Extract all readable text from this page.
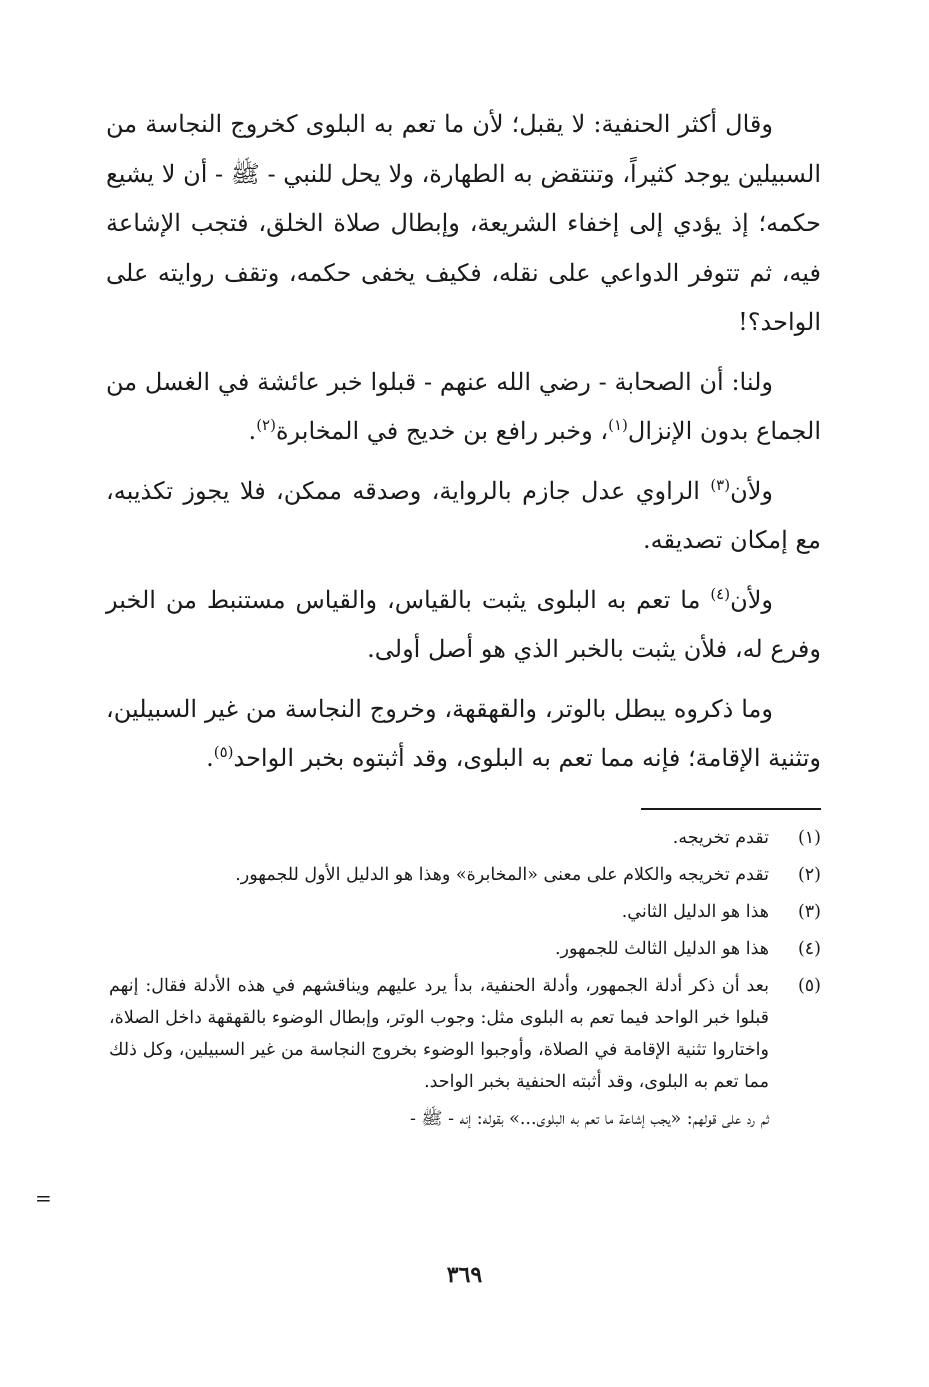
وقال أكثر الحنفية: لا يقبل؛ لأن ما تعم به البلوى كخروج النجاسة من السبيلين يوجد كثيراً، وتنتقض به الطهارة، ولا يحل للنبي - ﷺ - أن لا يشيع حكمه؛ إذ يؤدي إلى إخفاء الشريعة، وإبطال صلاة الخلق، فتجب الإشاعة فيه، ثم تتوفر الدواعي على نقله، فكيف يخفى حكمه، وتقف روايته على الواحد؟!

ولنا: أن الصحابة - رضي الله عنهم - قبلوا خبر عائشة في الغسل من الجماع بدون الإنزال$^{(١)}$، وخبر رافع بن خديج في المخابرة$^{(٢)}$.

ولأن$^{(٣)}$ الراوي عدل جازم بالرواية، وصدقه ممكن، فلا يجوز تكذيبه، مع إمكان تصديقه.

ولأن$^{(٤)}$ ما تعم به البلوى يثبت بالقياس، والقياس مستنبط من الخبر وفرع له، فلأن يثبت بالخبر الذي هو أصل أولى.

وما ذكروه يبطل بالوتر، والقهقهة، وخروج النجاسة من غير السبيلين، وتثنية الإقامة؛ فإنه مما تعم به البلوى، وقد أثبتوه بخبر الواحد$^{(٥)}$.

(١)
تقدم تخريجه.

(٢)
تقدم تخريجه والكلام على معنى «المخابرة» وهذا هو الدليل الأول للجمهور.

(٣)
هذا هو الدليل الثاني.

(٤)
هذا هو الدليل الثالث للجمهور.

(٥)
بعد أن ذكر أدلة الجمهور، وأدلة الحنفية، بدأ يرد عليهم ويناقشهم في هذه الأدلة فقال: إنهم قبلوا خبر الواحد فيما تعم به البلوى مثل: وجوب الوتر، وإبطال الوضوء بالقهقهة داخل الصلاة، واختاروا تثنية الإقامة في الصلاة، وأوجبوا الوضوء بخروج النجاسة من غير السبيلين، وكل ذلك مما تعم به البلوى، وقد أثبته الحنفية بخبر الواحد.

ثم رد على قولهم: «يجب إشاعة ما تعم به البلوى...» بقوله: إنه - ﷺ -

=
٣٦٩
